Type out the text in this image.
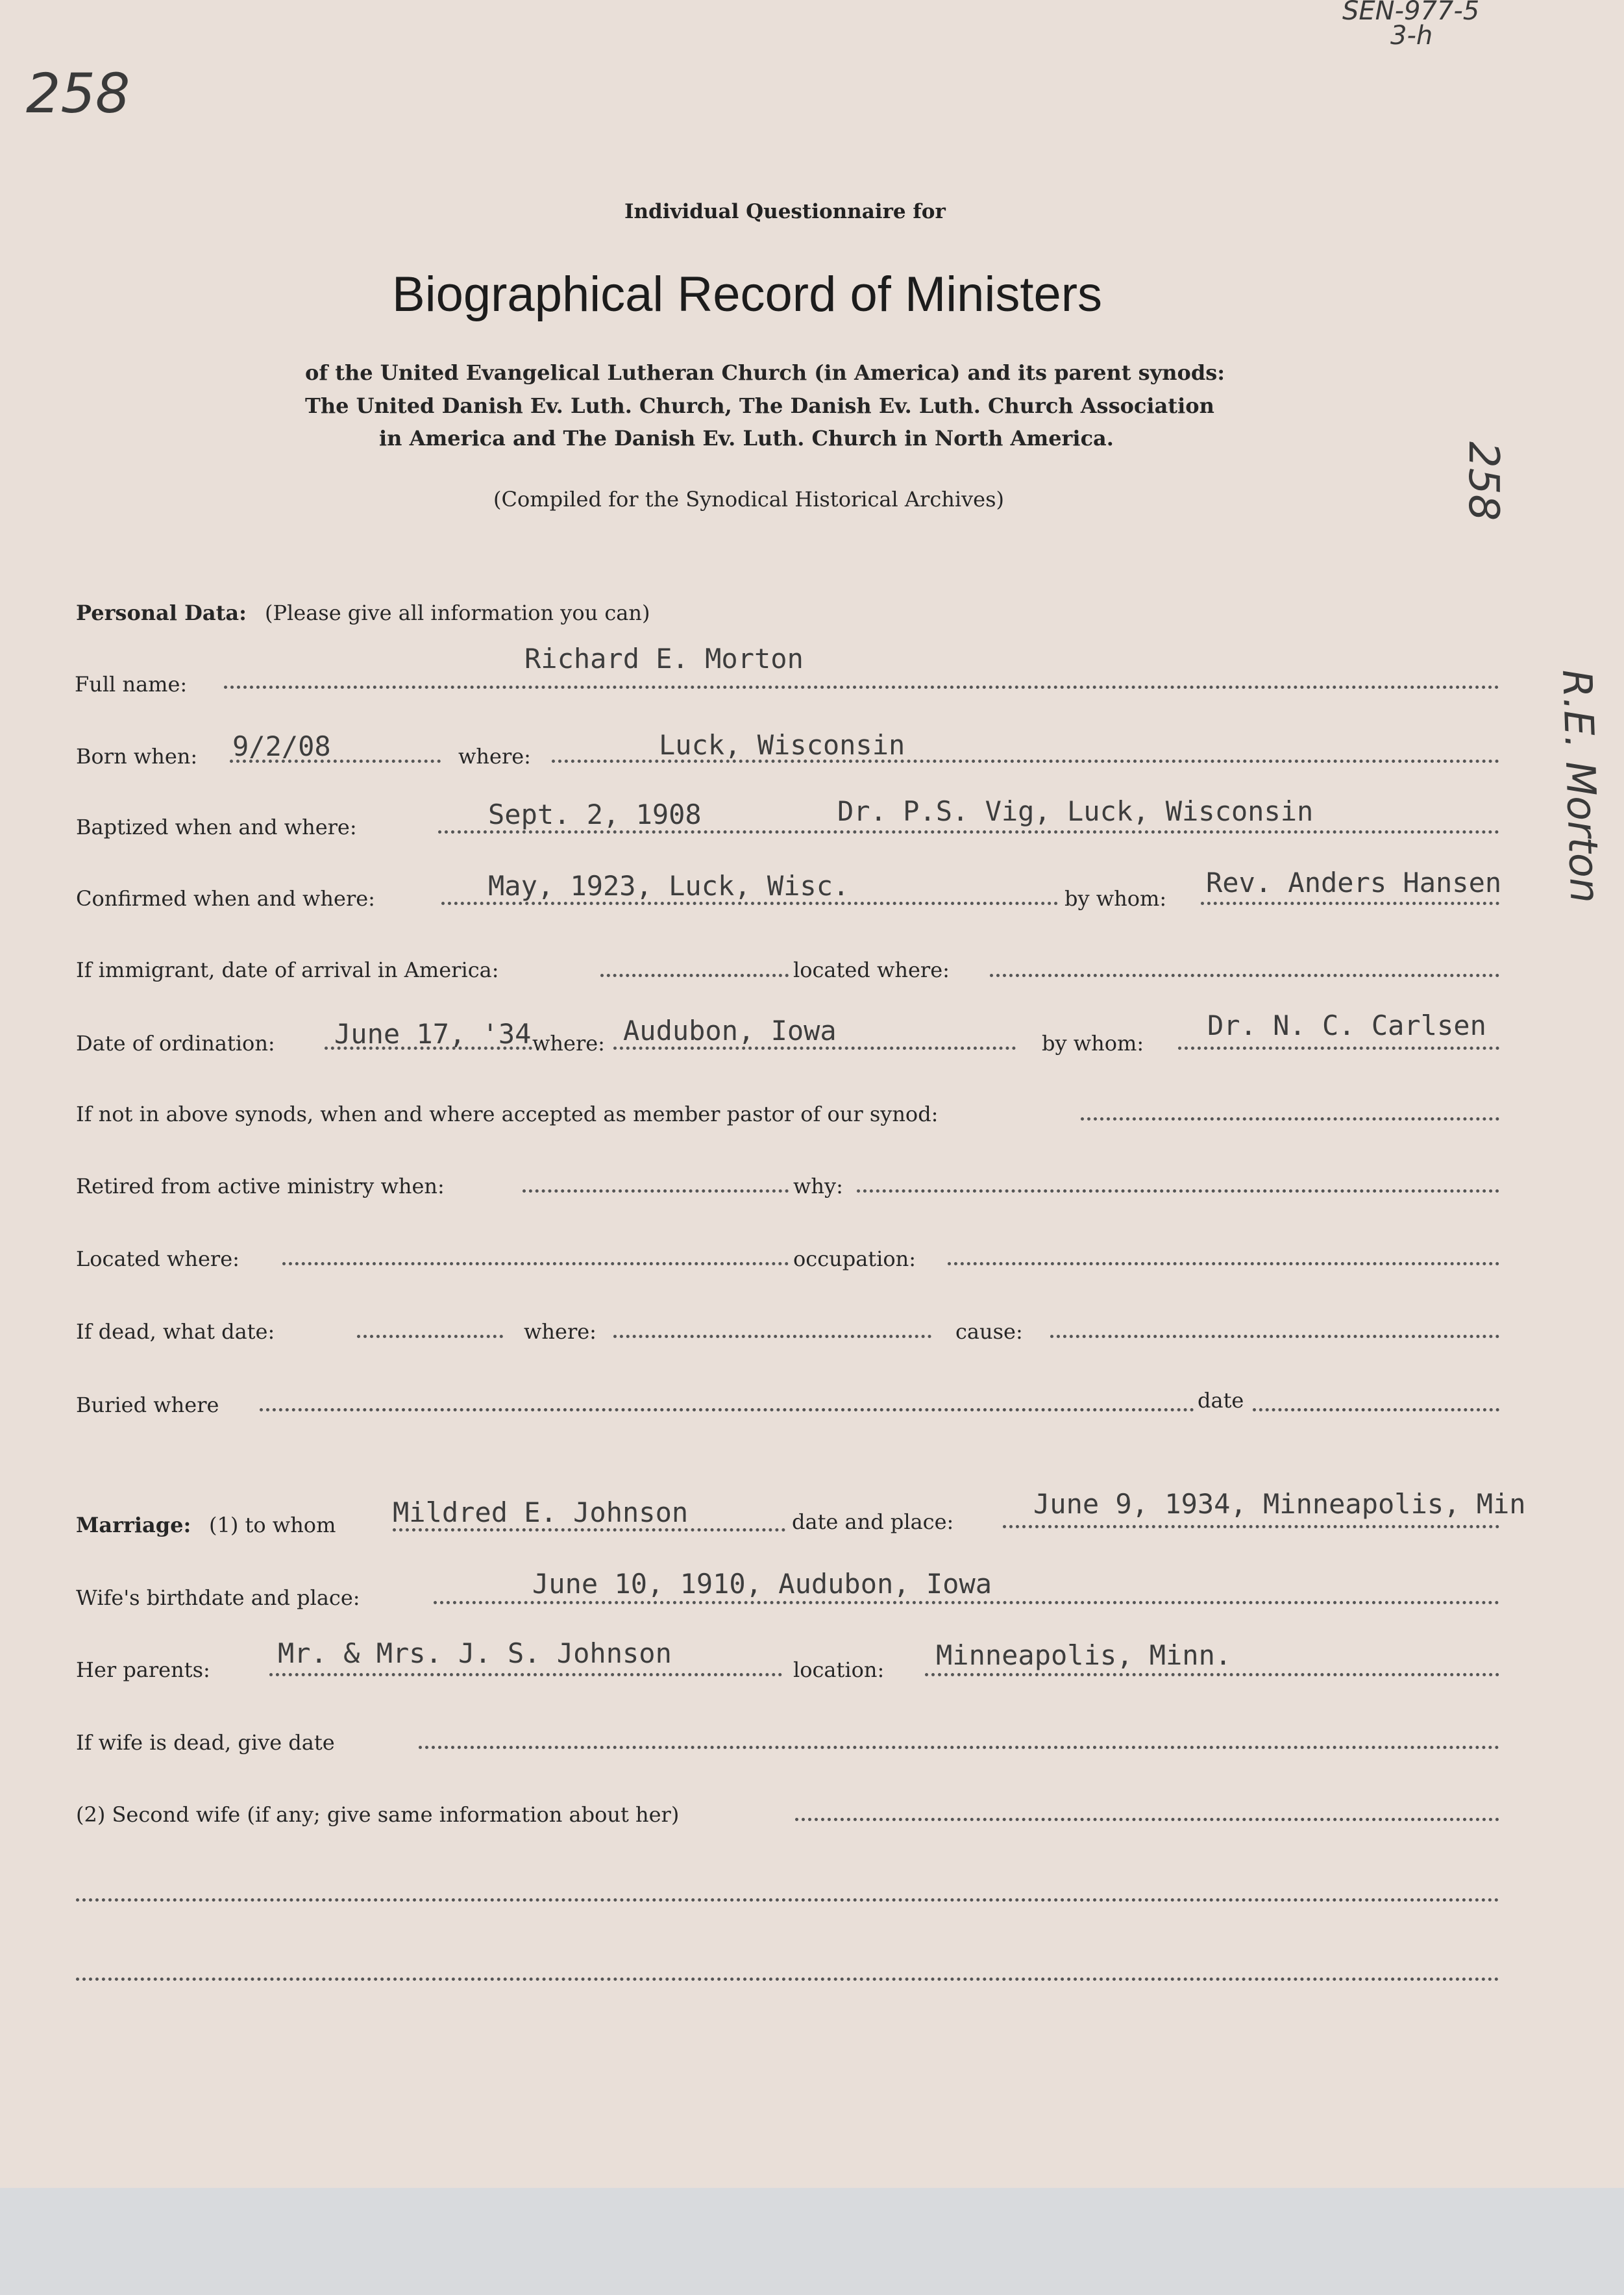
258
SEN-977-5
3-h
258
R.E. Morton
Individual Questionnaire for
Biographical Record of Ministers
of the United Evangelical Lutheran Church (in America) and its parent synods:
The United Danish Ev. Luth. Church, The Danish Ev. Luth. Church Association
in America and The Danish Ev. Luth. Church in North America.
(Compiled for the Synodical Historical Archives)
Personal Data: (Please give all information you can)
Full name:
Richard E. Morton
Born when: 9/2/08	where:	Luck, Wisconsin
Baptized when and where:	Sept. 2, 1908	Dr. P.S. Vig, Luck, Wisconsin
Confirmed when and where:	May, 1923, Luck, Wisc.	by whom: Rev. Anders Hansen
If immigrant, date of arrival in America:	located where:
Date of ordination: June 17, '34 where: Audubon, Iowa	by whom:
Dr. N. C. Carlsen
If not in above synods, when and where accepted as member pastor of our synod:
Retired from active ministry when:	why:
Located where:	occupation:
If dead, what date:	where:	cause:
Buried where	date
Marriage: (1) to whom Mildred E. Johnson	date and place:
June 9, 1934, Minneapolis, Min
Wife's birthdate and place:	June 10, 1910, Audubon, Iowa
Her parents:
Mr. & Mrs. J. S. Johnson
location: Minneapolis, Minn.
If wife is dead, give date
(2) Second wife (if any; give same information about her)
